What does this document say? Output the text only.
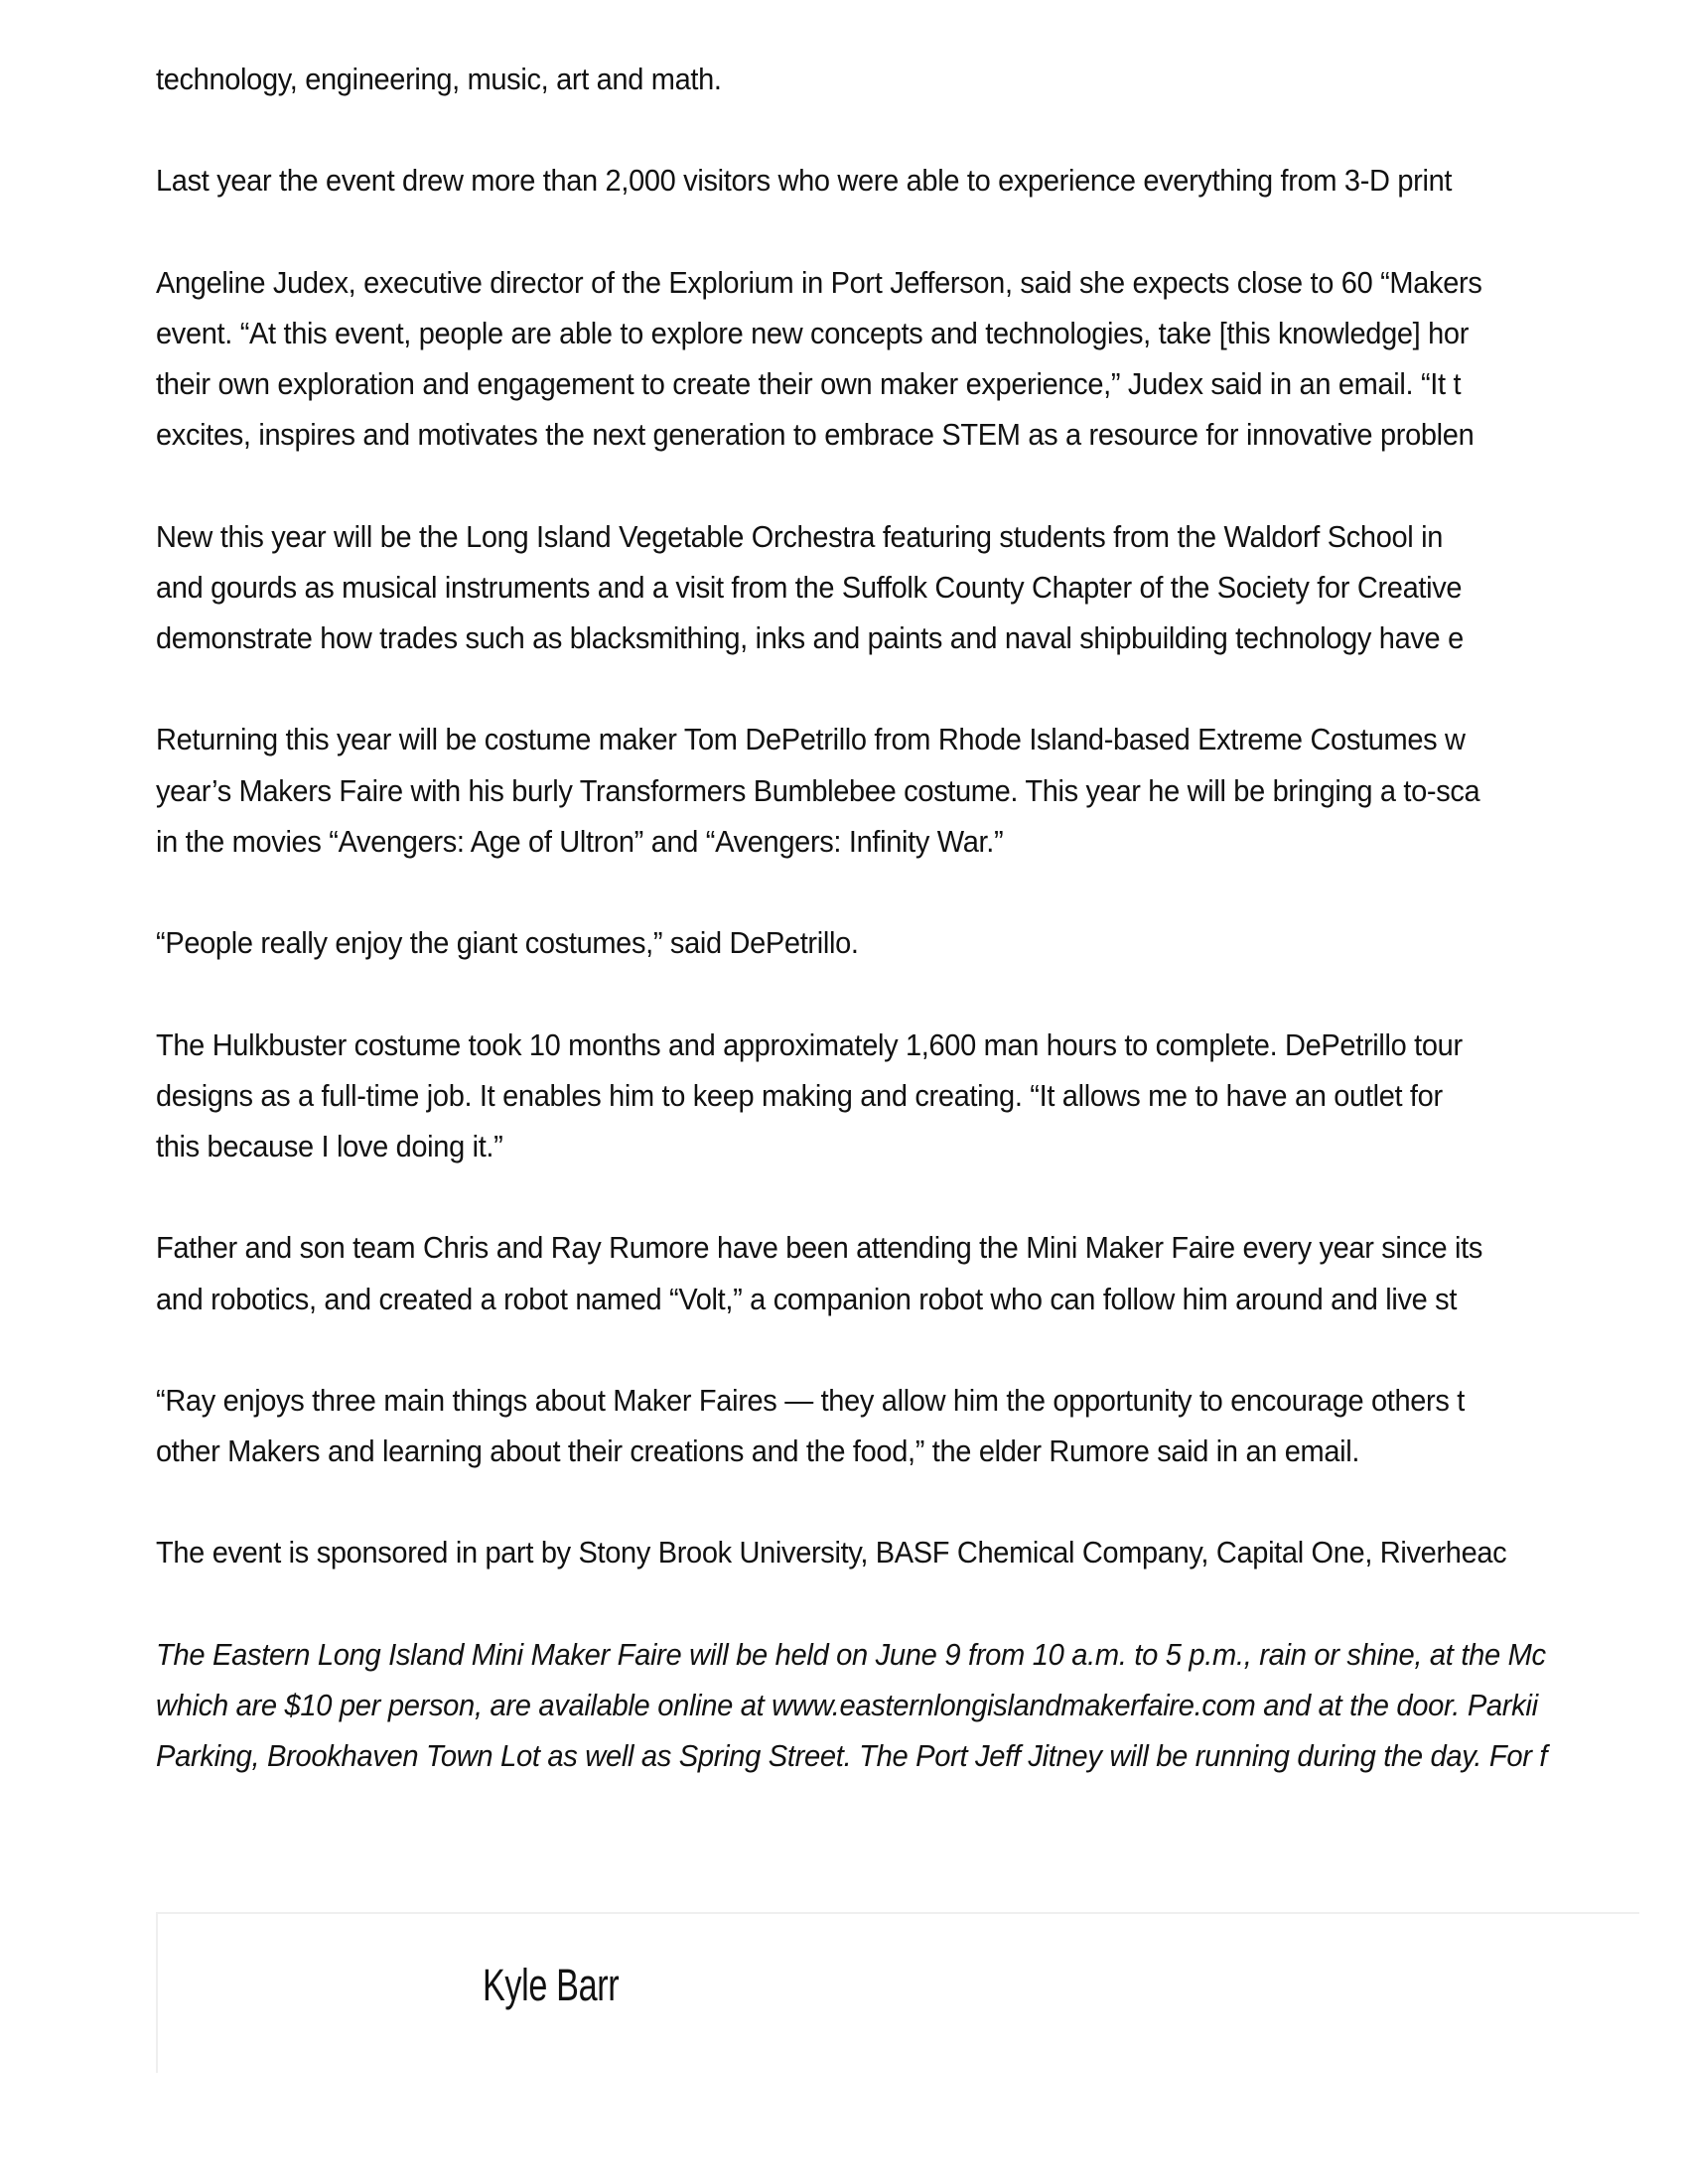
technology, engineering, music, art and math.
Last year the event drew more than 2,000 visitors who were able to experience everything from 3-D print
Angeline Judex, executive director of the Explorium in Port Jefferson, said she expects close to 60 “Makers
event. “At this event, people are able to explore new concepts and technologies, take [this knowledge] hor
their own exploration and engagement to create their own maker experience,” Judex said in an email. “It t
excites, inspires and motivates the next generation to embrace STEM as a resource for innovative problen
New this year will be the Long Island Vegetable Orchestra featuring students from the Waldorf School in
and gourds as musical instruments and a visit from the Suffolk County Chapter of the Society for Creative
demonstrate how trades such as blacksmithing, inks and paints and naval shipbuilding technology have e
Returning this year will be costume maker Tom DePetrillo from Rhode Island-based Extreme Costumes w
year’s Makers Faire with his burly Transformers Bumblebee costume. This year he will be bringing a to-sca
in the movies “Avengers: Age of Ultron” and “Avengers: Infinity War.”
“People really enjoy the giant costumes,” said DePetrillo.
The Hulkbuster costume took 10 months and approximately 1,600 man hours to complete. DePetrillo tour
designs as a full-time job. It enables him to keep making and creating. “It allows me to have an outlet for
this because I love doing it.”
Father and son team Chris and Ray Rumore have been attending the Mini Maker Faire every year since its
and robotics, and created a robot named “Volt,” a companion robot who can follow him around and live st
“Ray enjoys three main things about Maker Faires — they allow him the opportunity to encourage others t
other Makers and learning about their creations and the food,” the elder Rumore said in an email.
The event is sponsored in part by Stony Brook University, BASF Chemical Company, Capital One, Riverheac
The Eastern Long Island Mini Maker Faire will be held on June 9 from 10 a.m. to 5 p.m., rain or shine, at the Mc
which are $10 per person, are available online at www.easternlongislandmakerfaire.com and at the door. Parkii
Parking, Brookhaven Town Lot as well as Spring Street. The Port Jeff Jitney will be running during the day. For f
Kyle Barr
